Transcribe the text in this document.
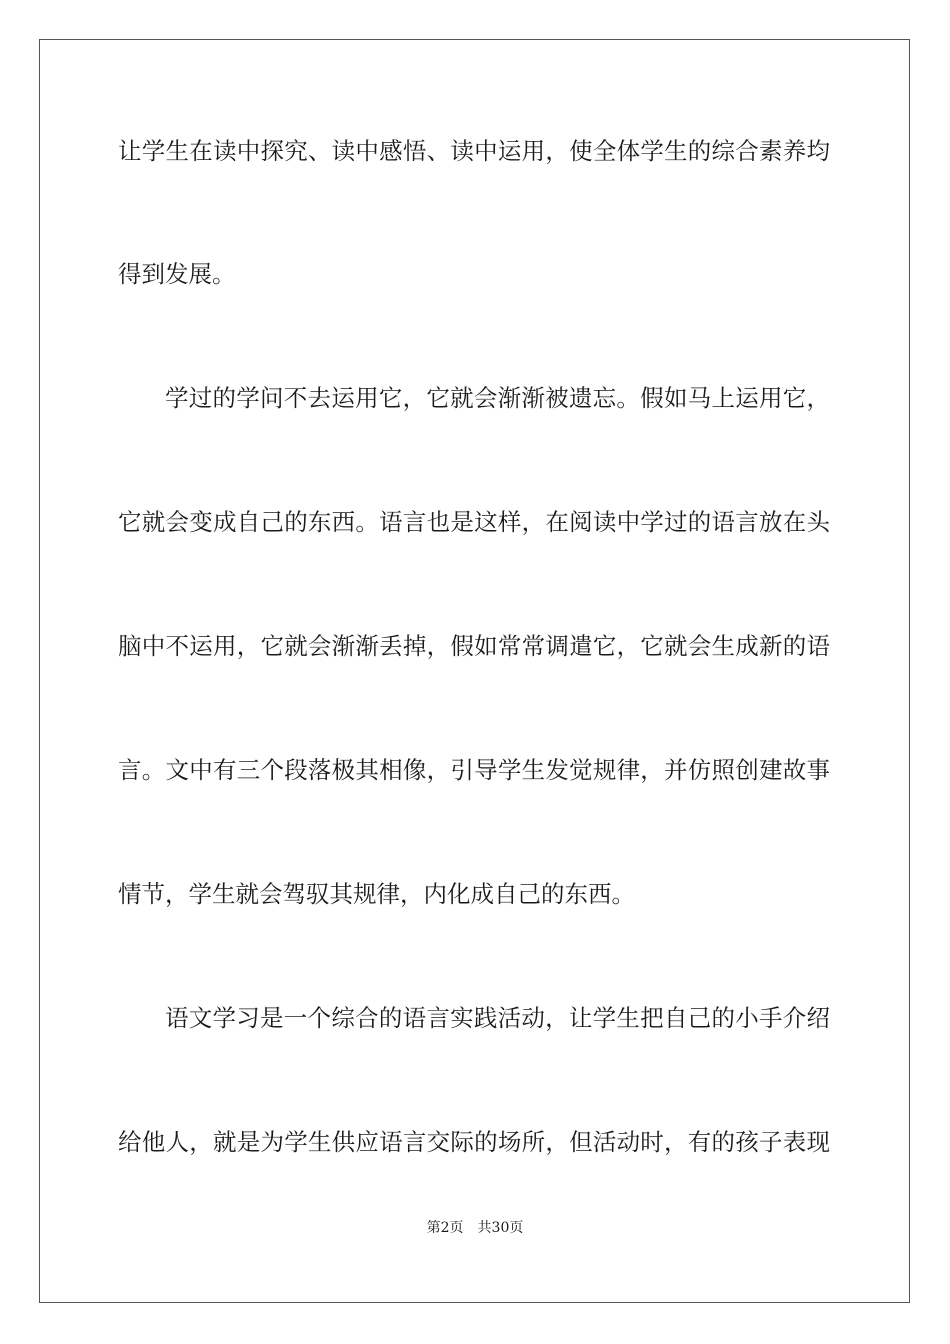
让学生在读中探究、读中感悟、读中运用，使全体学生的综合素养均

得到发展。

学过的学问不去运用它，它就会渐渐被遗忘。假如马上运用它，

它就会变成自己的东西。语言也是这样，在阅读中学过的语言放在头

脑中不运用，它就会渐渐丢掉，假如常常调遣它，它就会生成新的语

言。文中有三个段落极其相像，引导学生发觉规律，并仿照创建故事

情节，学生就会驾驭其规律，内化成自己的东西。

语文学习是一个综合的语言实践活动，让学生把自己的小手介绍

给他人，就是为学生供应语言交际的场所，但活动时，有的孩子表现

第2页 共30页
